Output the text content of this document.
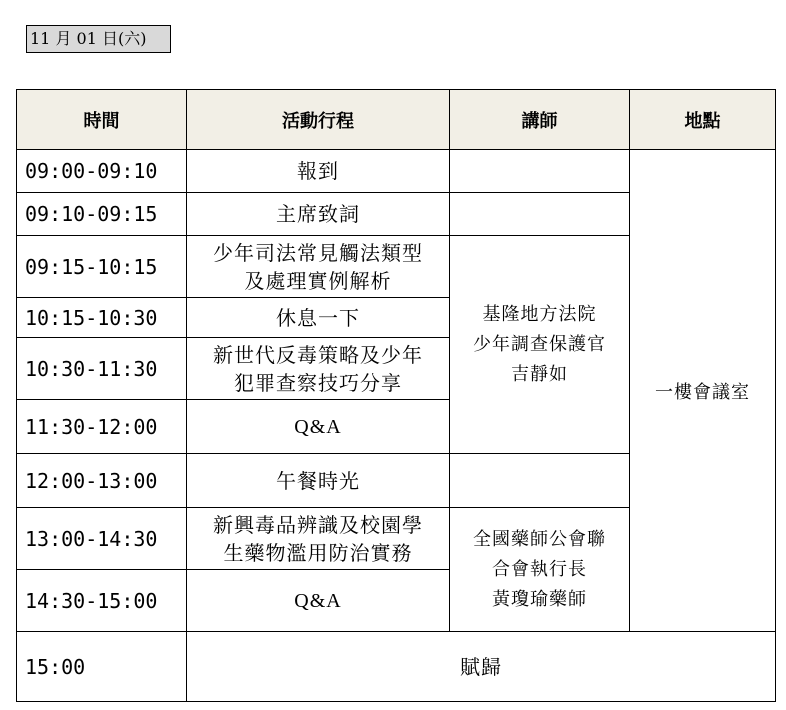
11 月 01 日(六)
時間	活動行程	講師	地點
09:00-09:10	報到		一樓會議室
09:10-09:15	主席致詞		

09:15-10:15	少年司法常見觸法類型
及處理實例解析	基隆地方法院
少年調查保護官
吉靜如	

10:15-10:30	休息一下		

10:30-11:30	新世代反毒策略及少年
犯罪查察技巧分享		

11:30-12:00	Q&A		

12:00-13:00	午餐時光		

13:00-14:30	新興毒品辨識及校園學
生藥物濫用防治實務	全國藥師公會聯
合會執行長
黃瓊瑜藥師	

14:30-15:00	Q&A		

15:00	賦歸		
